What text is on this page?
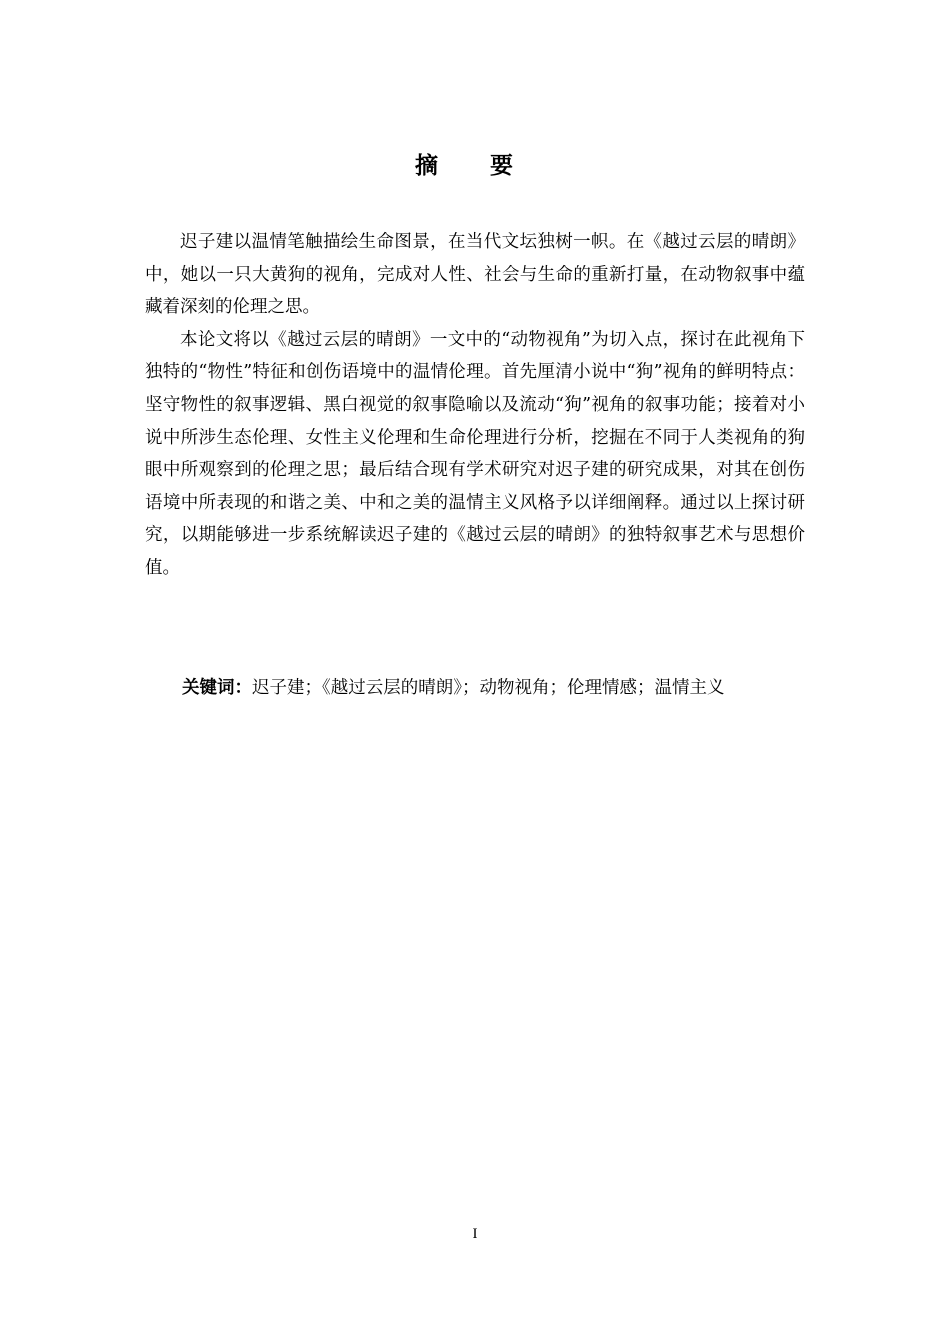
摘 要

迟子建以温情笔触描绘生命图景，在当代文坛独树一帜。在《越过云层的晴朗》中，她以一只大黄狗的视角，完成对人性、社会与生命的重新打量，在动物叙事中蕴藏着深刻的伦理之思。

本论文将以《越过云层的晴朗》一文中的“动物视角”为切入点，探讨在此视角下独特的“物性”特征和创伤语境中的温情伦理。首先厘清小说中“狗”视角的鲜明特点：坚守物性的叙事逻辑、黑白视觉的叙事隐喻以及流动“狗”视角的叙事功能；接着对小说中所涉生态伦理、女性主义伦理和生命伦理进行分析，挖掘在不同于人类视角的狗眼中所观察到的伦理之思；最后结合现有学术研究对迟子建的研究成果，对其在创伤语境中所表现的和谐之美、中和之美的温情主义风格予以详细阐释。通过以上探讨研究，以期能够进一步系统解读迟子建的《越过云层的晴朗》的独特叙事艺术与思想价值。

关键词：迟子建；《越过云层的晴朗》；动物视角；伦理情感；温情主义
I
